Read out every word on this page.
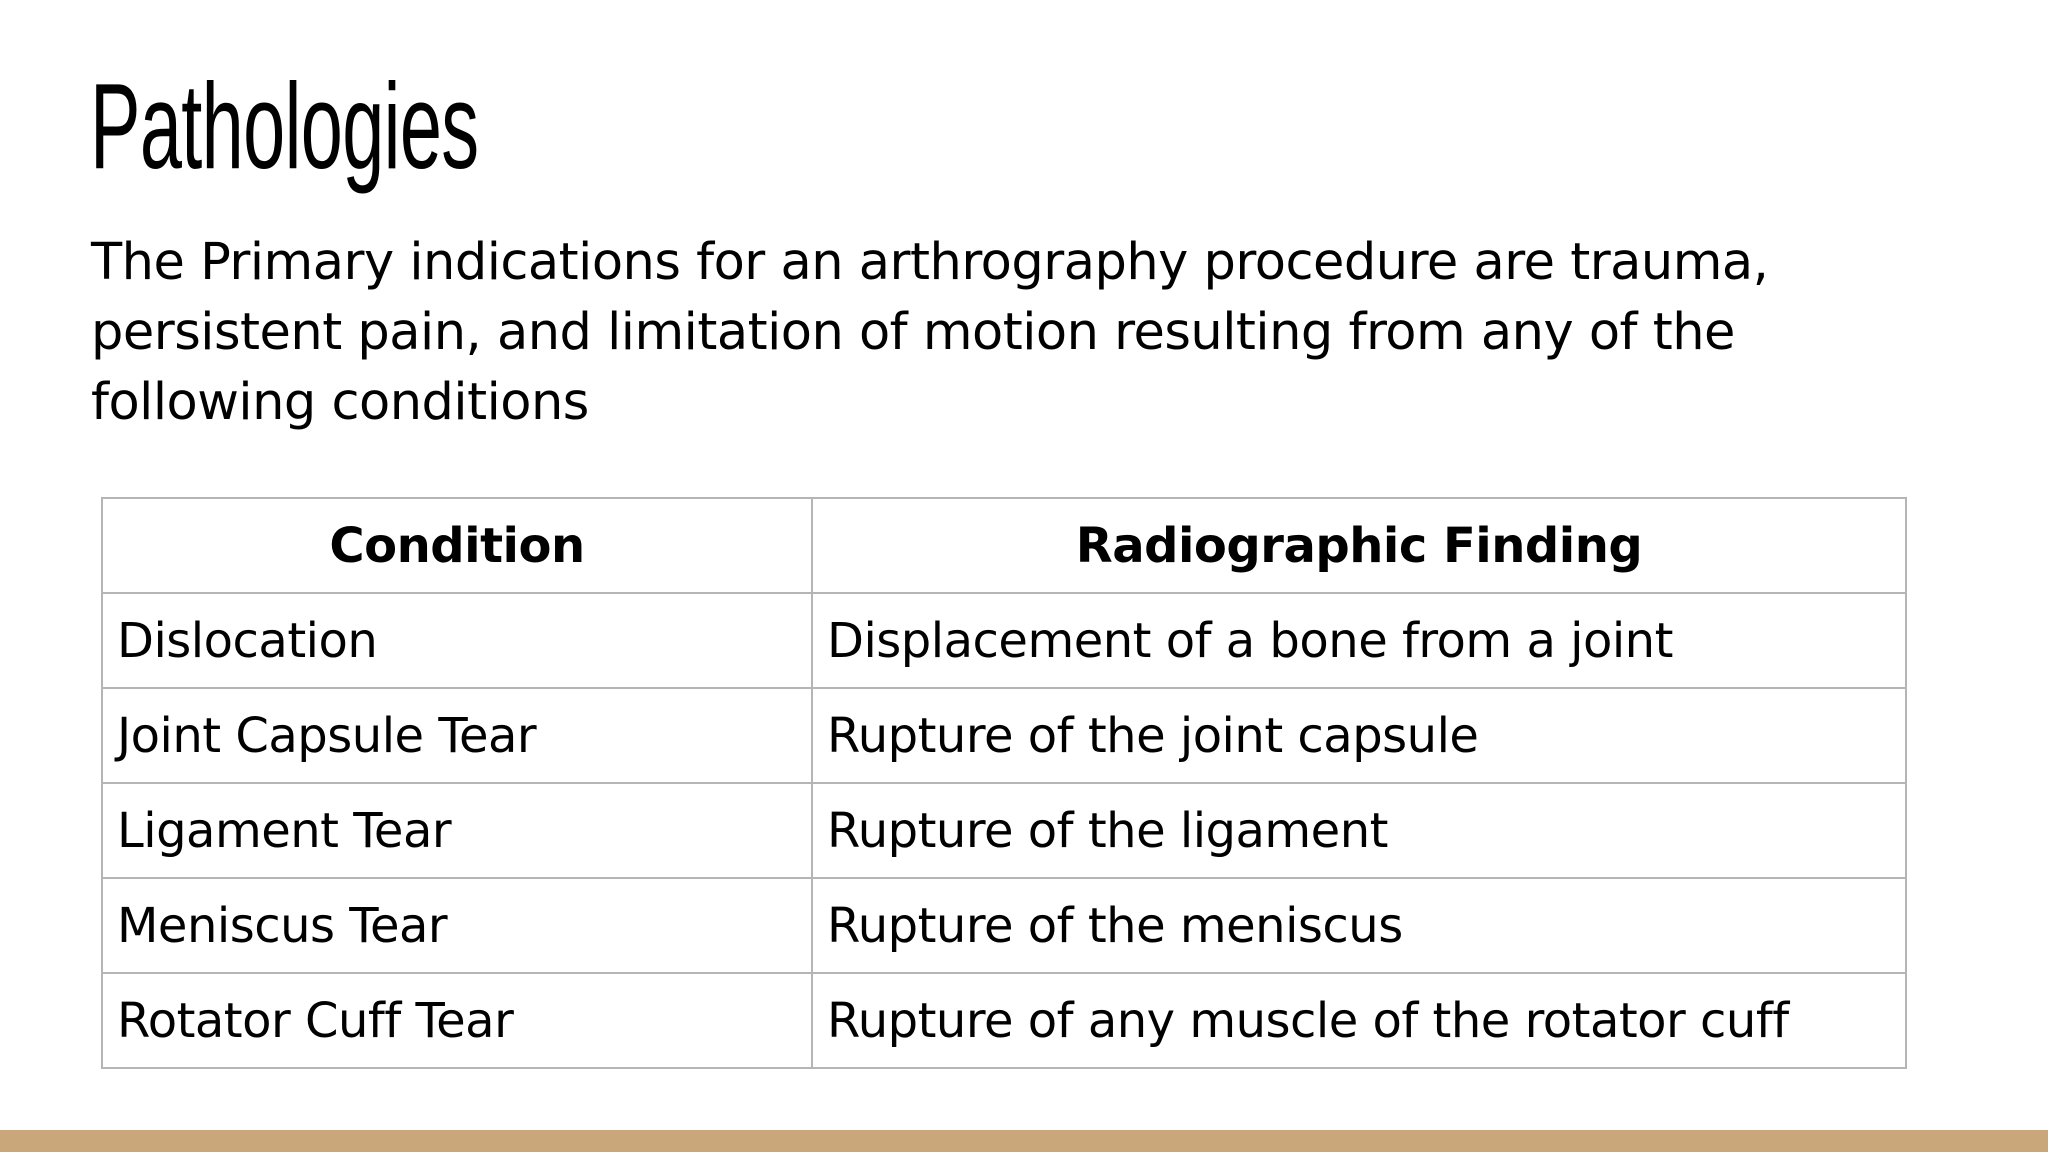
Pathologies

The Primary indications for an arthrography procedure are trauma, persistent pain, and limitation of motion resulting from any of the following conditions

Condition	Radiographic Finding
Dislocation	Displacement of a bone from a joint
Joint Capsule Tear	Rupture of the joint capsule
Ligament Tear	Rupture of the ligament
Meniscus Tear	Rupture of the meniscus
Rotator Cuff Tear	Rupture of any muscle of the rotator cuff
